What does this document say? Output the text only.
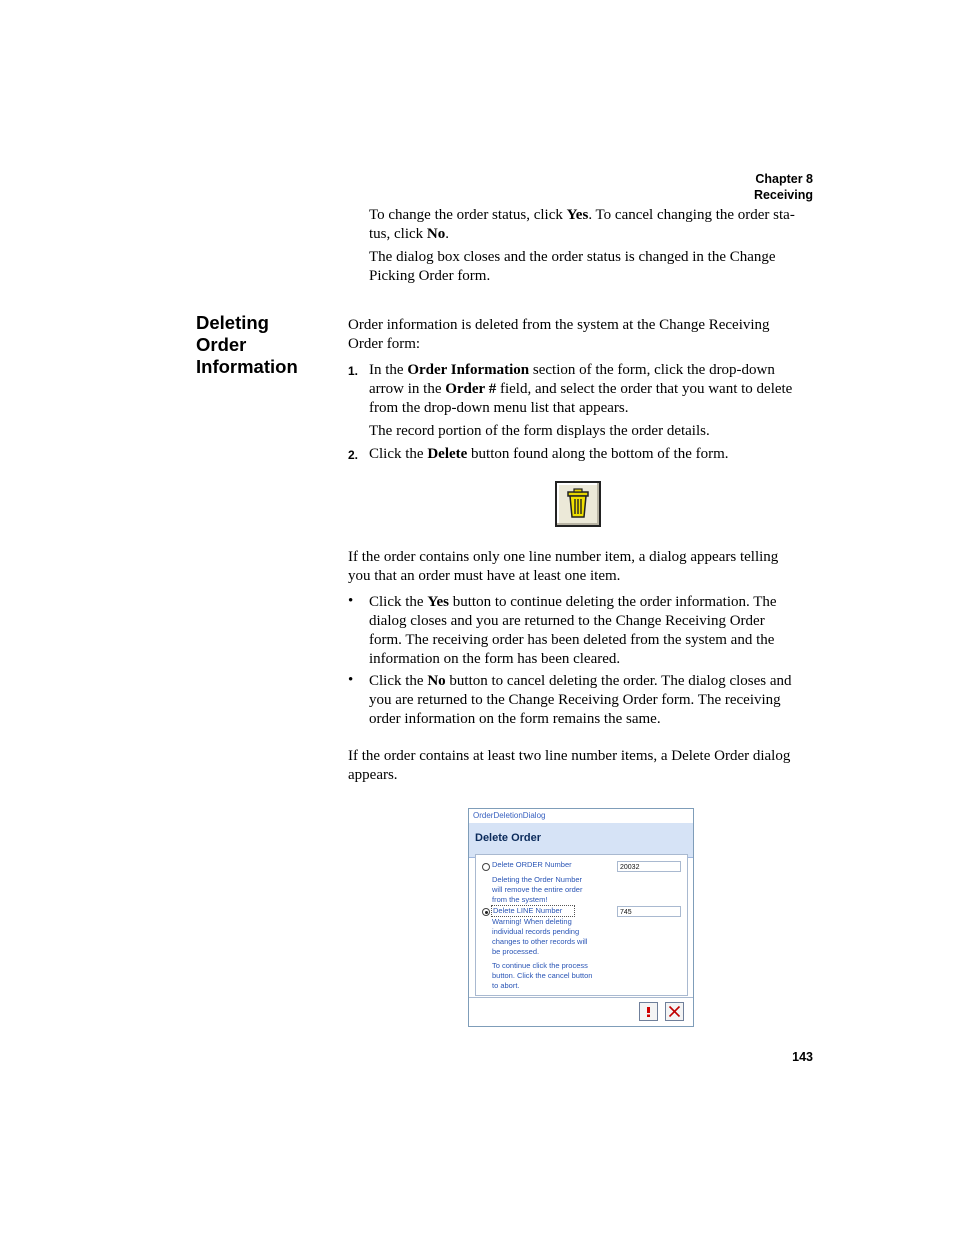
Chapter 8
Receiving
To change the order status, click Yes. To cancel changing the order sta-
tus, click No.
The dialog box closes and the order status is changed in the Change
Picking Order form.
Deleting
Order
Information
Order information is deleted from the system at the Change Receiving
Order form:
1. In the Order Information section of the form, click the drop-down
arrow in the Order # field, and select the order that you want to delete
from the drop-down menu list that appears.
The record portion of the form displays the order details.
2. Click the Delete button found along the bottom of the form.
If the order contains only one line number item, a dialog appears telling
you that an order must have at least one item.
• Click the Yes button to continue deleting the order information. The
dialog closes and you are returned to the Change Receiving Order
form. The receiving order has been deleted from the system and the
information on the form has been cleared.
• Click the No button to cancel deleting the order. The dialog closes and
you are returned to the Change Receiving Order form. The receiving
order information on the form remains the same.
If the order contains at least two line number items, a Delete Order dialog
appears.
OrderDeletionDialog
Delete Order
Delete ORDER Number	20032
Deleting the Order Number
will remove the entire order
from the system!
Delete LINE Number	745
Warning! When deleting
individual records pending
changes to other records will
be processed.
To continue click the process
button. Click the cancel button
to abort.
143
